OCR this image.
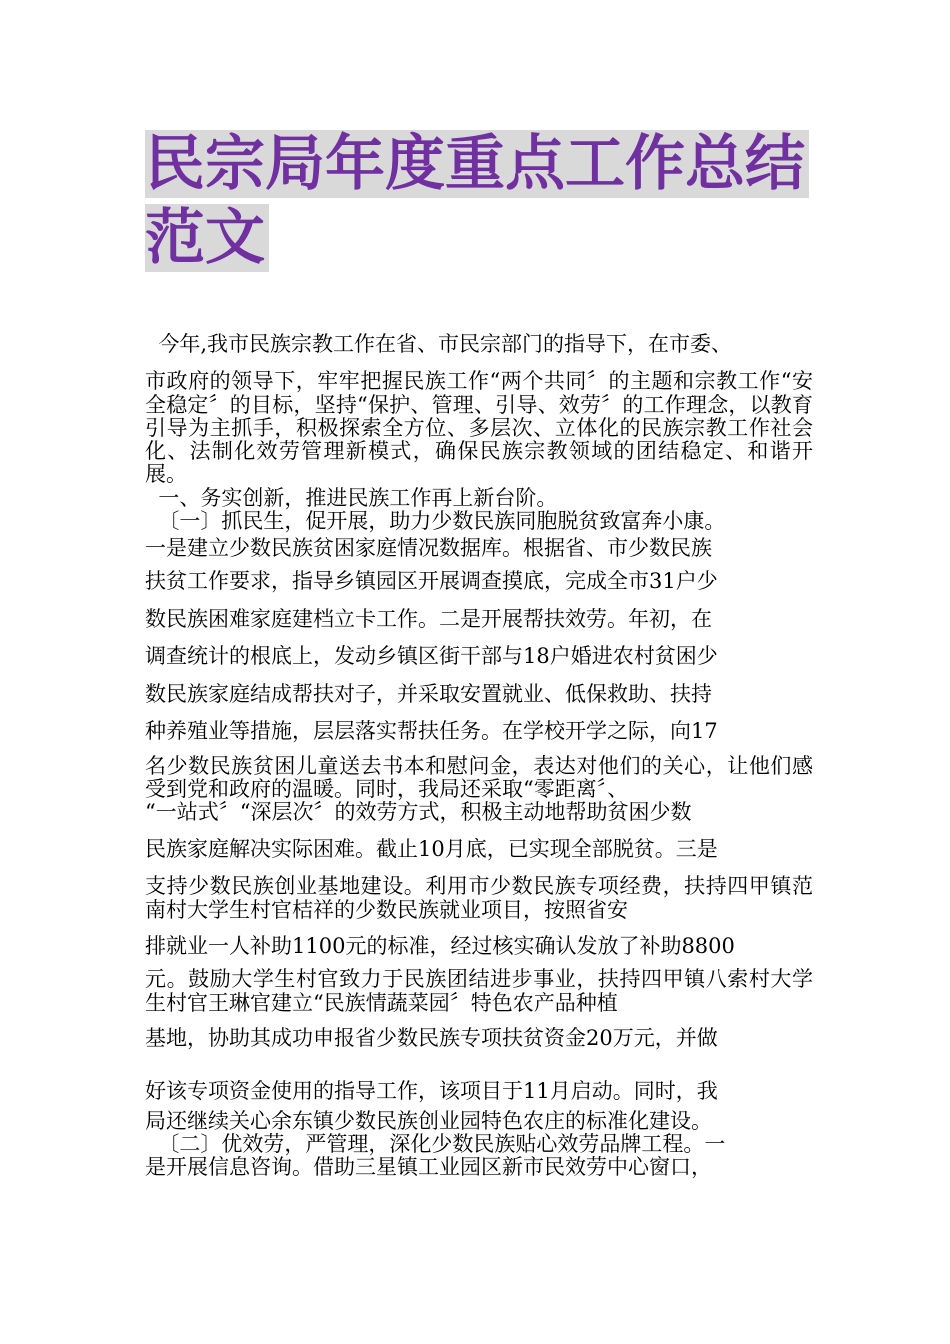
民宗局年度重点工作总结
范文

今年,我市民族宗教工作在省、市民宗部门的指导下，在市委、

市政府的领导下，牢牢把握民族工作“两个共同〞的主题和宗教工作“安全稳定〞的目标，坚持“保护、管理、引导、效劳〞的工作理念，以教育引导为主抓手，积极探索全方位、多层次、立体化的民族宗教工作社会化、法制化效劳管理新模式，确保民族宗教领域的团结稳定、和谐开展。

一、务实创新，推进民族工作再上新台阶。

〔一〕抓民生，促开展，助力少数民族同胞脱贫致富奔小康。

一是建立少数民族贫困家庭情况数据库。根据省、市少数民族

扶贫工作要求，指导乡镇园区开展调查摸底，完成全市31户少

数民族困难家庭建档立卡工作。二是开展帮扶效劳。年初，在

调查统计的根底上，发动乡镇区街干部与18户婚进农村贫困少

数民族家庭结成帮扶对子，并采取安置就业、低保救助、扶持

种养殖业等措施，层层落实帮扶任务。在学校开学之际，向17

名少数民族贫困儿童送去书本和慰问金，表达对他们的关心，让他们感受到党和政府的温暖。同时，我局还采取“零距离〞、

“一站式〞“深层次〞的效劳方式，积极主动地帮助贫困少数

民族家庭解决实际困难。截止10月底，已实现全部脱贫。三是

支持少数民族创业基地建设。利用市少数民族专项经费，扶持四甲镇范南村大学生村官桔祥的少数民族就业项目，按照省安

排就业一人补助1100元的标准，经过核实确认发放了补助8800

元。鼓励大学生村官致力于民族团结进步事业，扶持四甲镇八索村大学生村官王琳官建立“民族情蔬菜园〞特色农产品种植

基地，协助其成功申报省少数民族专项扶贫资金20万元，并做

好该专项资金使用的指导工作，该项目于11月启动。同时，我

局还继续关心余东镇少数民族创业园特色农庄的标准化建设。

〔二〕优效劳，严管理，深化少数民族贴心效劳品牌工程。一

是开展信息咨询。借助三星镇工业园区新市民效劳中心窗口，
